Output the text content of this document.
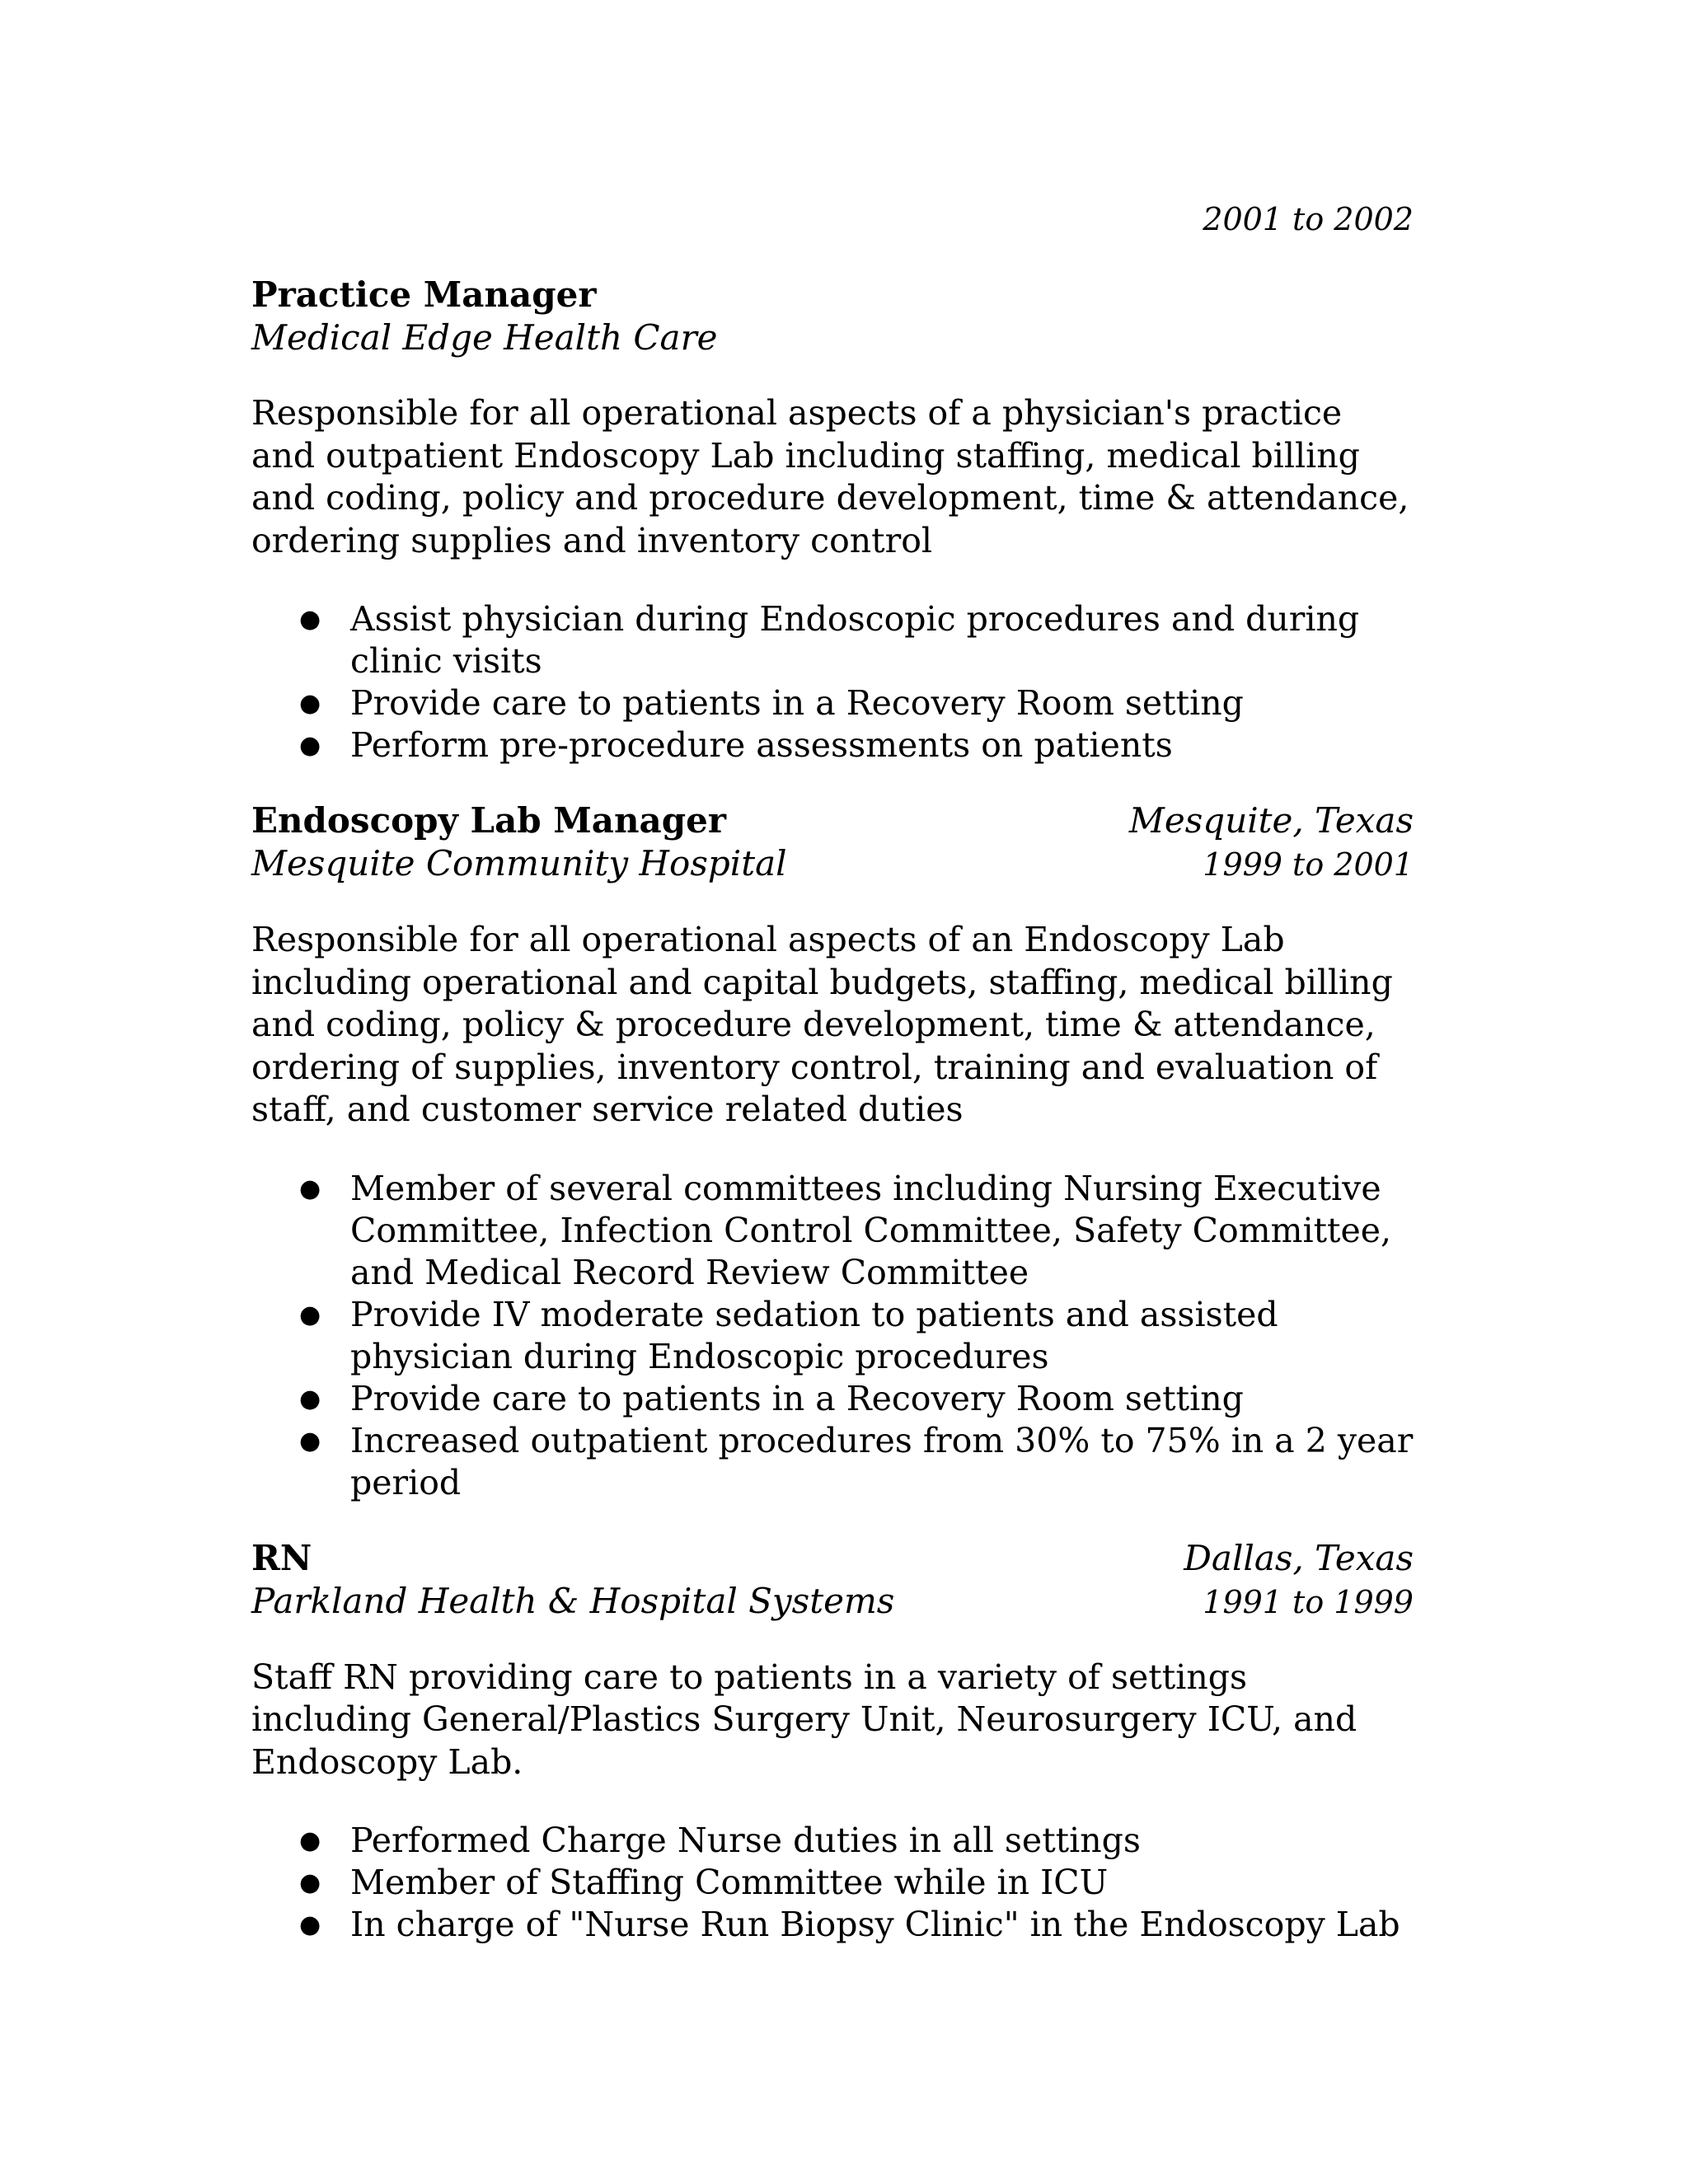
2001 to 2002
Practice Manager
Medical Edge Health Care

Responsible for all operational aspects of a physician's practice and outpatient Endoscopy Lab including staffing, medical billing and coding, policy and procedure development, time & attendance, ordering supplies and inventory control

● Assist physician during Endoscopic procedures and during clinic visits
● Provide care to patients in a Recovery Room setting
● Perform pre-procedure assessments on patients
Endoscopy Lab Manager	Mesquite, Texas
Mesquite Community Hospital	1999 to 2001

Responsible for all operational aspects of an Endoscopy Lab including operational and capital budgets, staffing, medical billing and coding, policy & procedure development, time & attendance, ordering of supplies, inventory control, training and evaluation of staff, and customer service related duties

● Member of several committees including Nursing Executive Committee, Infection Control Committee, Safety Committee, and Medical Record Review Committee
● Provide IV moderate sedation to patients and assisted physician during Endoscopic procedures
● Provide care to patients in a Recovery Room setting
● Increased outpatient procedures from 30% to 75% in a 2 year period
RN	Dallas, Texas
Parkland Health & Hospital Systems	1991 to 1999

Staff RN providing care to patients in a variety of settings including General/Plastics Surgery Unit, Neurosurgery ICU, and Endoscopy Lab.

● Performed Charge Nurse duties in all settings
● Member of Staffing Committee while in ICU
● In charge of "Nurse Run Biopsy Clinic" in the Endoscopy Lab
